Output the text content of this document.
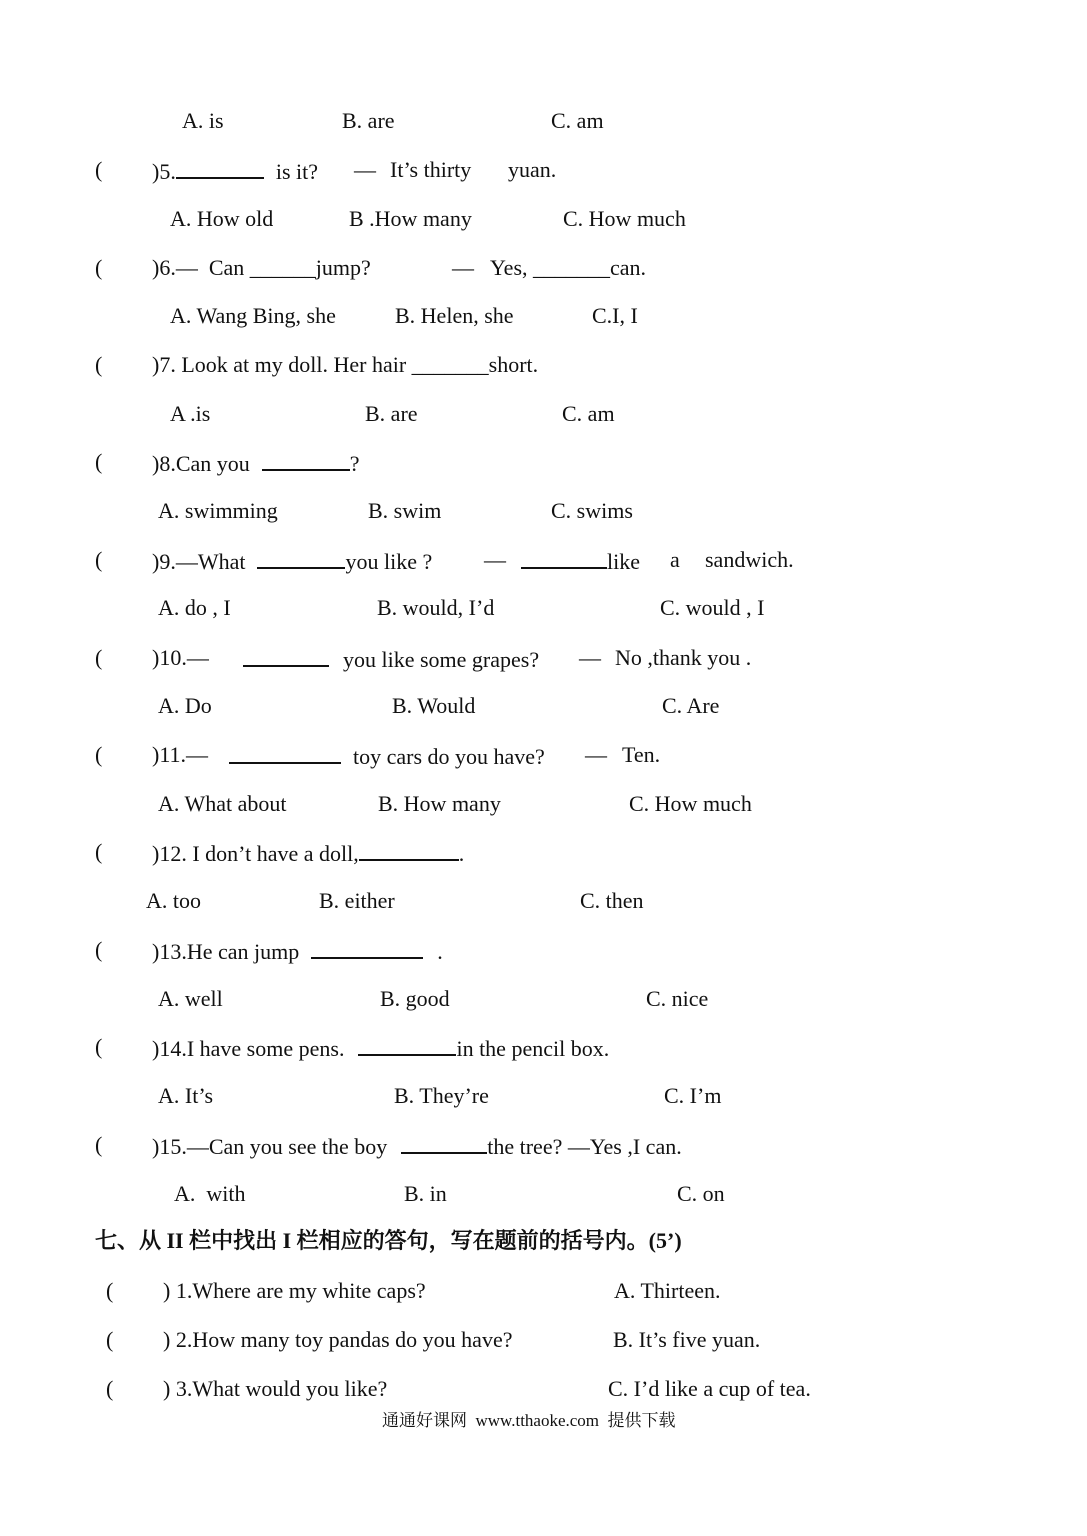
A. is	B. are	C. am
( )5.	is it? — It’s thirty yuan.
A. How old	B .How many	C. How much
( )6.—  Can ______jump?	— Yes, _______can.
A. Wang Bing, she	B. Helen, she	C.I, I
( )7. Look at my doll. Her hair _______short.
A .is	B. are	C. am
( )8.Can you	?
A. swimming	B. swim	C. swims
( )9.—What	you like ? —	like a sandwich.
A. do , I	B. would, I’d	C. would , I
( )10.—	you like some grapes? — No ,thank you .
A. Do	B. Would	C. Are
( )11.—	toy cars do you have? — Ten.
A. What about	B. How many	C. How much
( )12. I don’t have a doll,	.
A. too	B. either	C. then
( )13.He can jump	.
A. well	B. good	C. nice
( )14.I have some pens.	in the pencil box.
A. It’s	B. They’re	C. I’m
( )15.—Can you see the boy	the tree? —Yes ,I can.
A.  with	B. in	C. on
七、从 II 栏中找出 I 栏相应的答句，写在题前的括号内。(5’)
( ) 1.Where are my white caps?	A. Thirteen.
( ) 2.How many toy pandas do you have?	B. It’s five yuan.
( ) 3.What would you like?	C. I’d like a cup of tea.
通通好课网  www.tthaoke.com  提供下载
